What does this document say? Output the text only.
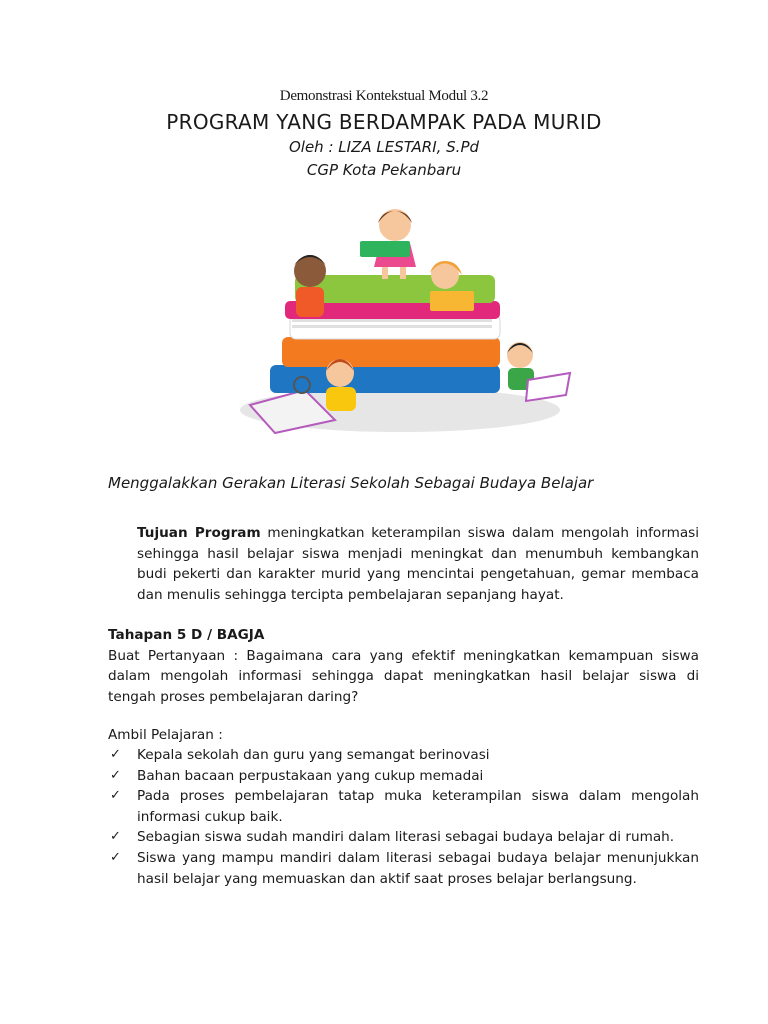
Demonstrasi Kontekstual Modul 3.2
PROGRAM YANG BERDAMPAK PADA MURID
Oleh : LIZA LESTARI, S.Pd
CGP Kota Pekanbaru
Menggalakkan Gerakan Literasi Sekolah Sebagai Budaya Belajar
Tujuan Program meningkatkan keterampilan siswa dalam mengolah informasi sehingga hasil belajar siswa menjadi meningkat dan menumbuh kembangkan budi pekerti dan karakter murid yang mencintai pengetahuan, gemar membaca dan menulis sehingga tercipta pembelajaran sepanjang hayat.
Tahapan 5 D / BAGJA
Buat Pertanyaan : Bagaimana cara yang efektif meningkatkan kemampuan siswa dalam mengolah informasi sehingga dapat meningkatkan hasil belajar siswa di tengah proses pembelajaran daring?
Ambil Pelajaran :
✓ Kepala sekolah dan guru yang semangat berinovasi
✓ Bahan bacaan perpustakaan yang cukup memadai
✓ Pada proses pembelajaran tatap muka keterampilan siswa dalam mengolah informasi cukup baik.
✓ Sebagian siswa sudah mandiri dalam literasi sebagai budaya belajar di rumah.
✓ Siswa yang mampu mandiri dalam literasi sebagai budaya belajar menunjukkan hasil belajar yang memuaskan dan aktif saat proses belajar berlangsung.
